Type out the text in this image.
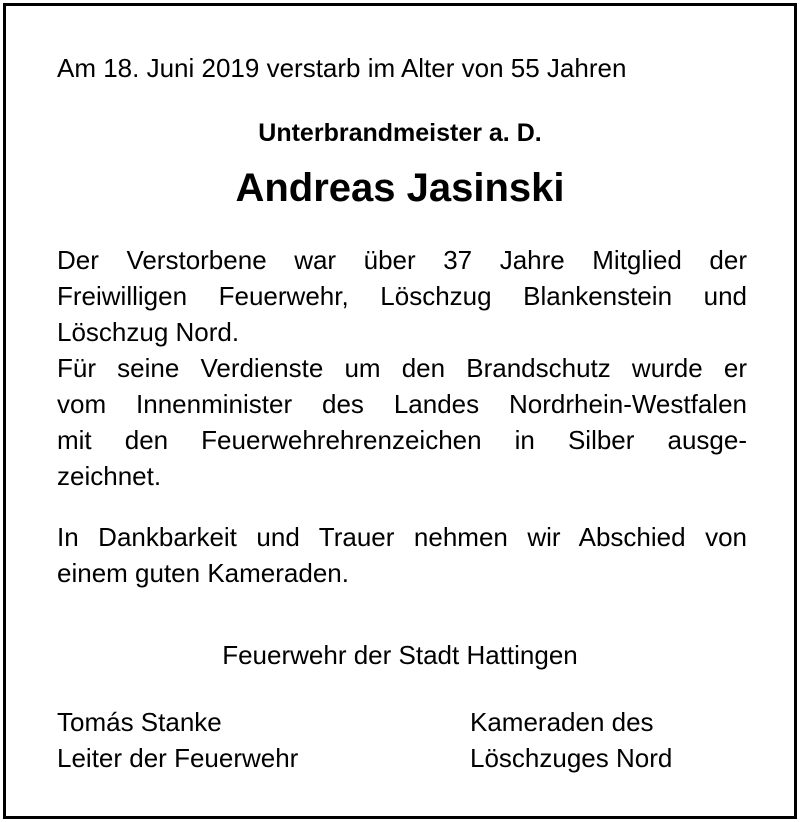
Am 18. Juni 2019 verstarb im Alter von 55 Jahren
Unterbrandmeister a. D.
Andreas Jasinski
Der Verstorbene war über 37 Jahre Mitglied der
Freiwilligen Feuerwehr, Löschzug Blankenstein und
Löschzug Nord.
Für seine Verdienste um den Brandschutz wurde er
vom Innenminister des Landes Nordrhein-Westfalen
mit den Feuerwehrehrenzeichen in Silber ausge-
zeichnet.
In Dankbarkeit und Trauer nehmen wir Abschied von
einem guten Kameraden.
Feuerwehr der Stadt Hattingen
Tomás Stanke
Leiter der Feuerwehr
Kameraden des
Löschzuges Nord
